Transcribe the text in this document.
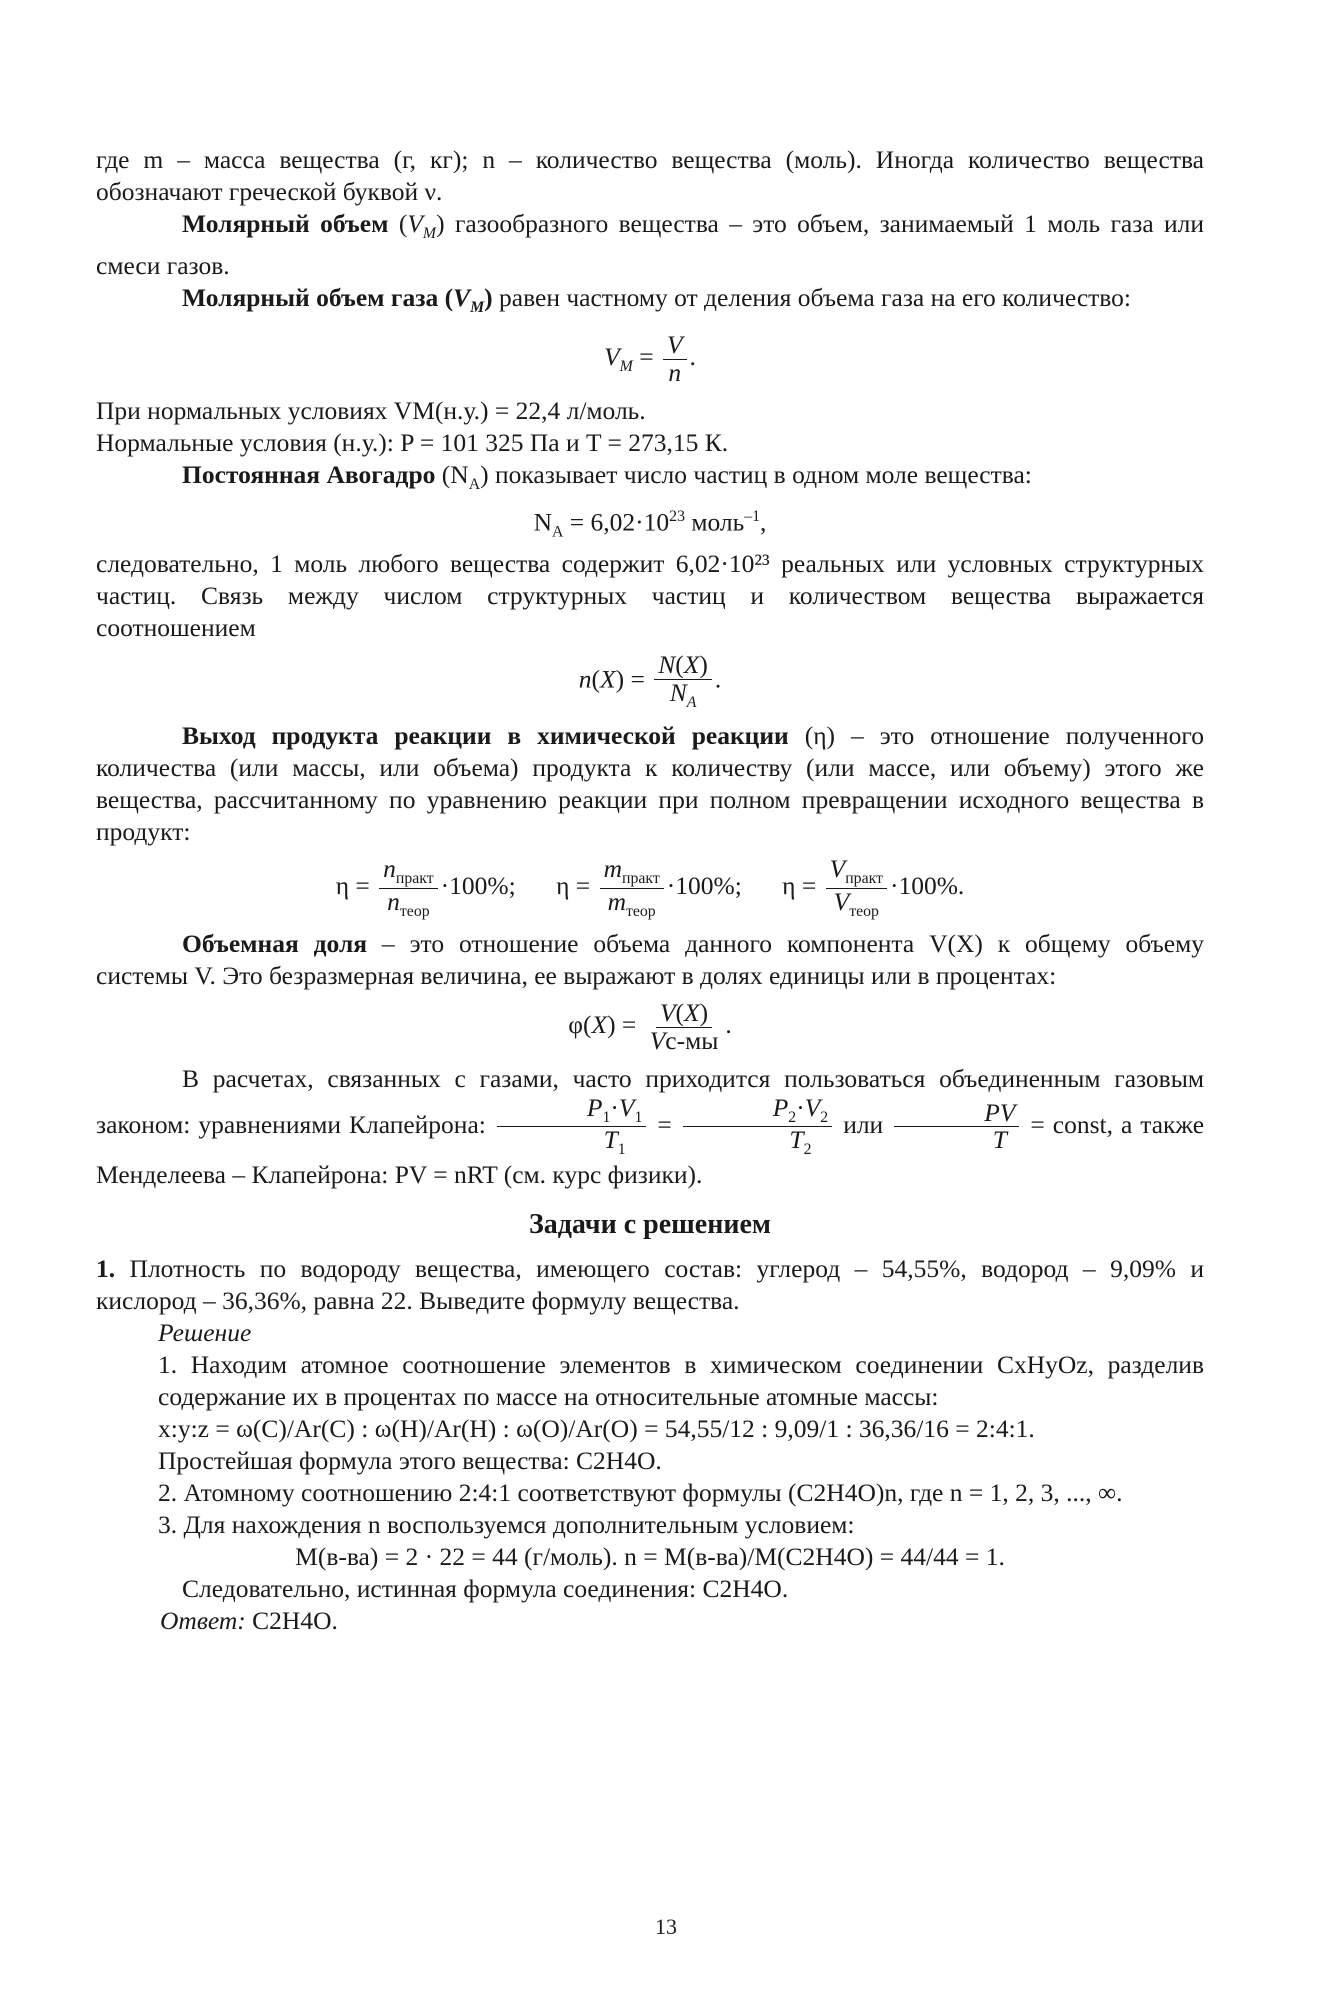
где m – масса вещества (г, кг); n – количество вещества (моль). Иногда количество вещества обозначают греческой буквой ν.

Молярный объем $(V_M)$ газообразного вещества – это объем, занимаемый 1 моль газа или смеси газов.

Молярный объем газа $(V_M)$ равен частному от деления объема газа на его количество:

$V_M = \frac{V}{n}$ .

При нормальных условиях VM(н.у.) = 22,4 л/моль.

Нормальные условия (н.у.): P = 101 325 Па и T = 273,15 К.

Постоянная Авогадро $(N_A)$ показывает число частиц в одном моле вещества:

$N_A = 6,02\cdot 10^{23}$ моль$^{-1}$,

следовательно, 1 моль любого вещества содержит 6,02·10²³ реальных или условных структурных частиц. Связь между числом структурных частиц и количеством вещества выражается соотношением

$n(X) = \frac{N(X)}{N_A}$ .

Выход продукта реакции в химической реакции (η) – это отношение полученного количества (или массы, или объема) продукта к количеству (или массе, или объему) этого же вещества, рассчитанному по уравнению реакции при полном превращении исходного вещества в продукт:

$\eta = \frac{n_{практ}}{n_{теор}} \cdot 100\%$; $\eta = \frac{m_{практ}}{m_{теор}} \cdot 100\%$; $\eta = \frac{V_{практ}}{V_{теор}} \cdot 100\%$.

Объемная доля – это отношение объема данного компонента V(X) к общему объему системы V. Это безразмерная величина, ее выражают в долях единицы или в процентах:

$\varphi(X) = \frac{V(X)}{Vс-мы}$ .

В расчетах, связанных с газами, часто приходится пользоваться объединенным газовым законом: уравнениями Клапейрона: $\frac{P_1\cdot V_1}{T_1} = \frac{P_2\cdot V_2}{T_2}$ или $\frac{PV}{T}$ = const, а также Менделеева – Клапейрона: PV = nRT (см. курс физики).

Задачи с решением

1. Плотность по водороду вещества, имеющего состав: углерод – 54,55%, водород – 9,09% и кислород – 36,36%, равна 22. Выведите формулу вещества.

Решение

1. Находим атомное соотношение элементов в химическом соединении CxHyOz, разделив содержание их в процентах по массе на относительные атомные массы:

x:y:z = ω(C)/Ar(C) : ω(H)/Ar(H) : ω(O)/Ar(O) = 54,55/12 : 9,09/1 : 36,36/16 = 2:4:1.

Простейшая формула этого вещества: C2H4O.

2. Атомному соотношению 2:4:1 соответствуют формулы (C2H4O)n, где n = 1, 2, 3, ..., ∞.

3. Для нахождения n воспользуемся дополнительным условием:

M(в-ва) = 2 · 22 = 44 (г/моль). n = M(в-ва)/M(C2H4O) = 44/44 = 1.

Следовательно, истинная формула соединения: C2H4O.

Ответ: C2H4O.

13
